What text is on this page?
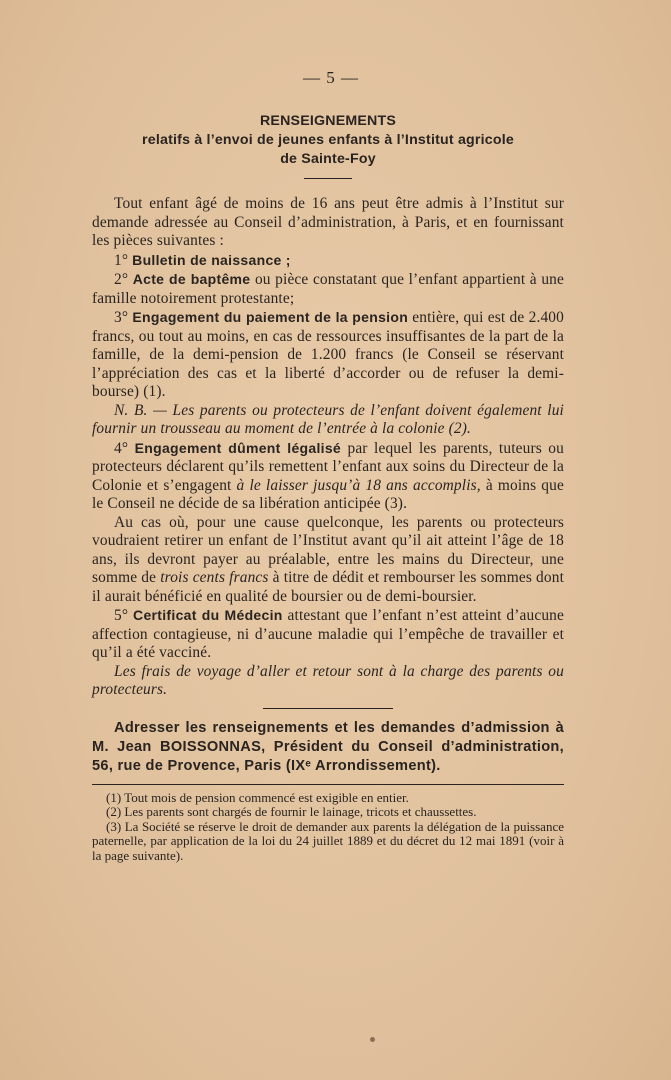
— 5 —
RENSEIGNEMENTS
relatifs à l’envoi de jeunes enfants à l’Institut agricole
de Sainte-Foy

Tout enfant âgé de moins de 16 ans peut être admis à l’Institut sur demande adressée au Conseil d’administration, à Paris, et en fournissant les pièces suivantes :

1° Bulletin de naissance ;

2° Acte de baptême ou pièce constatant que l’enfant appartient à une famille notoirement protestante;

3° Engagement du paiement de la pension entière, qui est de 2.400 francs, ou tout au moins, en cas de ressources insuffisantes de la part de la famille, de la demi-pension de 1.200 francs (le Conseil se réservant l’appréciation des cas et la liberté d’accorder ou de refuser la demi-bourse) (1).

N. B. — Les parents ou protecteurs de l’enfant doivent également lui fournir un trousseau au moment de l’entrée à la colonie (2).

4° Engagement dûment légalisé par lequel les parents, tuteurs ou protecteurs déclarent qu’ils remettent l’enfant aux soins du Directeur de la Colonie et s’engagent à le laisser jusqu’à 18 ans accomplis, à moins que le Conseil ne décide de sa libération anticipée (3).

Au cas où, pour une cause quelconque, les parents ou protecteurs voudraient retirer un enfant de l’Institut avant qu’il ait atteint l’âge de 18 ans, ils devront payer au préalable, entre les mains du Directeur, une somme de trois cents francs à titre de dédit et rembourser les sommes dont il aurait bénéficié en qualité de boursier ou de demi-boursier.

5° Certificat du Médecin attestant que l’enfant n’est atteint d’aucune affection contagieuse, ni d’aucune maladie qui l’empêche de travailler et qu’il a été vacciné.

Les frais de voyage d’aller et retour sont à la charge des parents ou protecteurs.

Adresser les renseignements et les demandes d’admission à M. Jean BOISSONNAS, Président du Conseil d’administration, 56, rue de Provence, Paris (IXᵉ Arrondissement).

(1) Tout mois de pension commencé est exigible en entier.

(2) Les parents sont chargés de fournir le lainage, tricots et chaussettes.

(3) La Société se réserve le droit de demander aux parents la délégation de la puissance paternelle, par application de la loi du 24 juillet 1889 et du décret du 12 mai 1891 (voir à la page suivante).
